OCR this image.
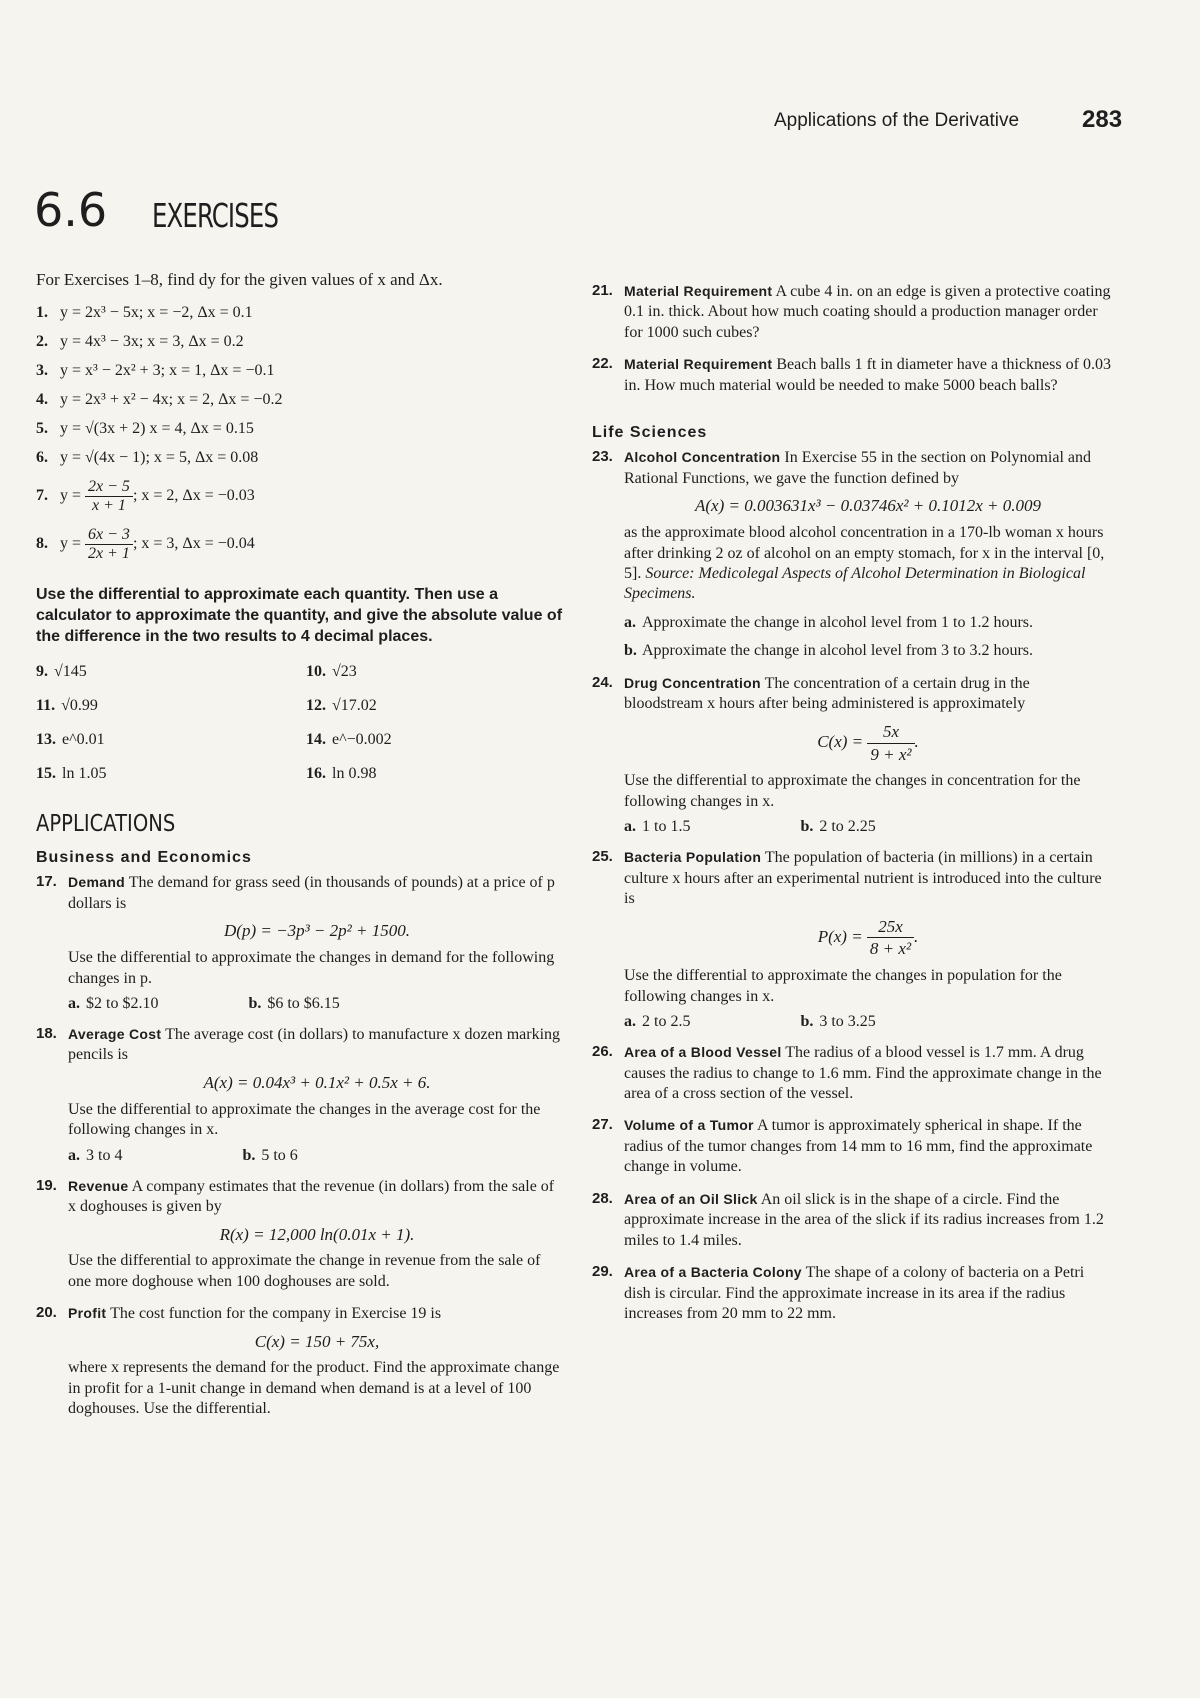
Applications of the Derivative	283
6.6 EXERCISES

For Exercises 1–8, find dy for the given values of x and Δx.

1. y = 2x³ − 5x; x = −2, Δx = 0.1
2. y = 4x³ − 3x; x = 3, Δx = 0.2
3. y = x³ − 2x² + 3; x = 1, Δx = −0.1
4. y = 2x³ + x² − 4x; x = 2, Δx = −0.2
5. y = √(3x + 2) x = 4, Δx = 0.15
6. y = √(4x − 1); x = 5, Δx = 0.08
7. $y = \frac{2x - 5}{x + 1}$ ; x = 2, Δx = −0.03
8. $y = \frac{6x - 3}{2x + 1}$ ; x = 3, Δx = −0.04

Use the differential to approximate each quantity. Then use a calculator to approximate the quantity, and give the absolute value of the difference in the two results to 4 decimal places.

9. √145	10. √23
11. √0.99	12. √17.02
13. e^0.01	14. e^−0.002
15. ln 1.05	16. ln 0.98
APPLICATIONS
Business and Economics
17. Demand The demand for grass seed (in thousands of pounds) at a price of p dollars is
D(p) = −3p³ − 2p² + 1500.
Use the differential to approximate the changes in demand for the following changes in p.
a. $2 to $2.10	b. $6 to $6.15
18. Average Cost The average cost (in dollars) to manufacture x dozen marking pencils is
A(x) = 0.04x³ + 0.1x² + 0.5x + 6.
Use the differential to approximate the changes in the average cost for the following changes in x.
a. 3 to 4	b. 5 to 6
19. Revenue A company estimates that the revenue (in dollars) from the sale of x doghouses is given by
R(x) = 12,000 ln(0.01x + 1).
Use the differential to approximate the change in revenue from the sale of one more doghouse when 100 doghouses are sold.
20. Profit The cost function for the company in Exercise 19 is
C(x) = 150 + 75x,
where x represents the demand for the product. Find the approximate change in profit for a 1-unit change in demand when demand is at a level of 100 doghouses. Use the differential.
21. Material Requirement A cube 4 in. on an edge is given a protective coating 0.1 in. thick. About how much coating should a production manager order for 1000 such cubes?
22. Material Requirement Beach balls 1 ft in diameter have a thickness of 0.03 in. How much material would be needed to make 5000 beach balls?
Life Sciences
23. Alcohol Concentration In Exercise 55 in the section on Polynomial and Rational Functions, we gave the function defined by
A(x) = 0.003631x³ − 0.03746x² + 0.1012x + 0.009
as the approximate blood alcohol concentration in a 170-lb woman x hours after drinking 2 oz of alcohol on an empty stomach, for x in the interval [0, 5]. Source: Medicolegal Aspects of Alcohol Determination in Biological Specimens.
a. Approximate the change in alcohol level from 1 to 1.2 hours.
b. Approximate the change in alcohol level from 3 to 3.2 hours.
24. Drug Concentration The concentration of a certain drug in the bloodstream x hours after being administered is approximately
$C(x) = \frac{5x}{\text{9 + x²}}$ .
Use the differential to approximate the changes in concentration for the following changes in x.
a. 1 to 1.5	b. 2 to 2.25
25. Bacteria Population The population of bacteria (in millions) in a certain culture x hours after an experimental nutrient is introduced into the culture is
$P(x) = \frac{25x}{\text{8 + x²}}$ .
Use the differential to approximate the changes in population for the following changes in x.
a. 2 to 2.5	b. 3 to 3.25
26. Area of a Blood Vessel The radius of a blood vessel is 1.7 mm. A drug causes the radius to change to 1.6 mm. Find the approximate change in the area of a cross section of the vessel.
27. Volume of a Tumor A tumor is approximately spherical in shape. If the radius of the tumor changes from 14 mm to 16 mm, find the approximate change in volume.
28. Area of an Oil Slick An oil slick is in the shape of a circle. Find the approximate increase in the area of the slick if its radius increases from 1.2 miles to 1.4 miles.
29. Area of a Bacteria Colony The shape of a colony of bacteria on a Petri dish is circular. Find the approximate increase in its area if the radius increases from 20 mm to 22 mm.
